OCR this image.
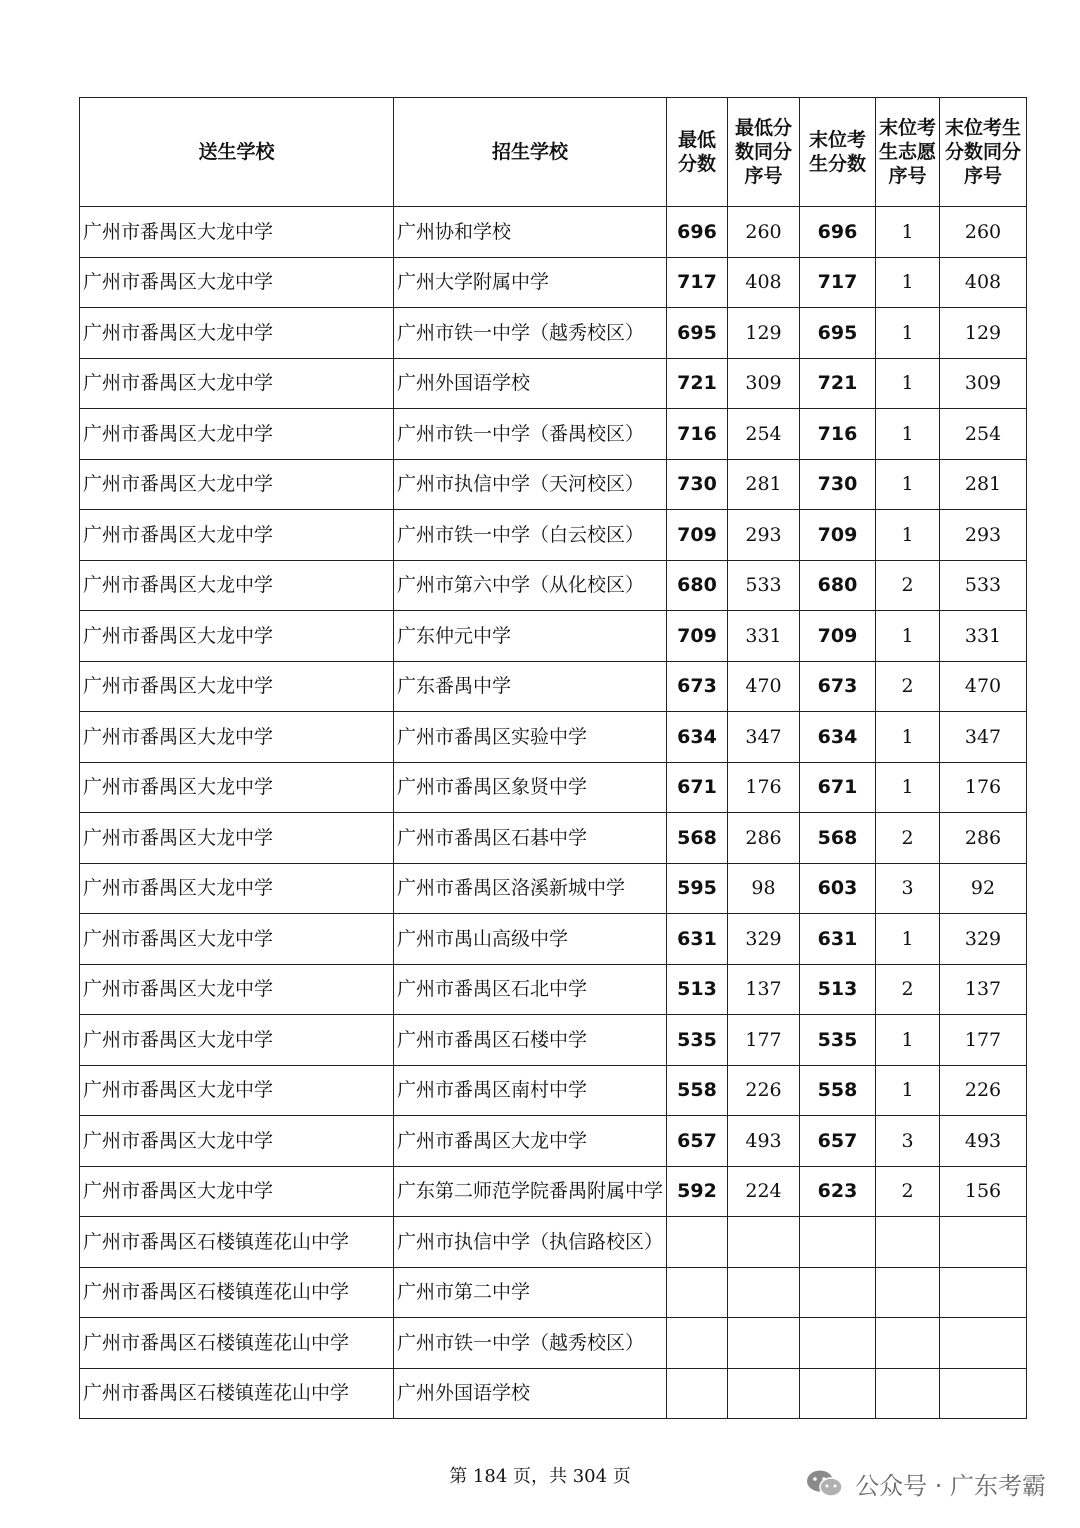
送生学校	招生学校	最低分数	最低分数同分序号	末位考生分数	末位考生志愿序号	末位考生分数同分序号

广州市番禺区大龙中学	广州协和学校	696	260	696	1	260
广州市番禺区大龙中学	广州大学附属中学	717	408	717	1	408
广州市番禺区大龙中学	广州市铁一中学（越秀校区）	695	129	695	1	129
广州市番禺区大龙中学	广州外国语学校	721	309	721	1	309
广州市番禺区大龙中学	广州市铁一中学（番禺校区）	716	254	716	1	254
广州市番禺区大龙中学	广州市执信中学（天河校区）	730	281	730	1	281
广州市番禺区大龙中学	广州市铁一中学（白云校区）	709	293	709	1	293
广州市番禺区大龙中学	广州市第六中学（从化校区）	680	533	680	2	533
广州市番禺区大龙中学	广东仲元中学	709	331	709	1	331
广州市番禺区大龙中学	广东番禺中学	673	470	673	2	470
广州市番禺区大龙中学	广州市番禺区实验中学	634	347	634	1	347
广州市番禺区大龙中学	广州市番禺区象贤中学	671	176	671	1	176
广州市番禺区大龙中学	广州市番禺区石碁中学	568	286	568	2	286
广州市番禺区大龙中学	广州市番禺区洛溪新城中学	595	98	603	3	92
广州市番禺区大龙中学	广州市禺山高级中学	631	329	631	1	329
广州市番禺区大龙中学	广州市番禺区石北中学	513	137	513	2	137
广州市番禺区大龙中学	广州市番禺区石楼中学	535	177	535	1	177
广州市番禺区大龙中学	广州市番禺区南村中学	558	226	558	1	226
广州市番禺区大龙中学	广州市番禺区大龙中学	657	493	657	3	493
广州市番禺区大龙中学	广东第二师范学院番禺附属中学	592	224	623	2	156
广州市番禺区石楼镇莲花山中学	广州市执信中学（执信路校区）					
广州市番禺区石楼镇莲花山中学	广州市第二中学					
广州市番禺区石楼镇莲花山中学	广州市铁一中学（越秀校区）					
广州市番禺区石楼镇莲花山中学	广州外国语学校					
第 184 页，共 304 页	公众号 · 广东考霸
